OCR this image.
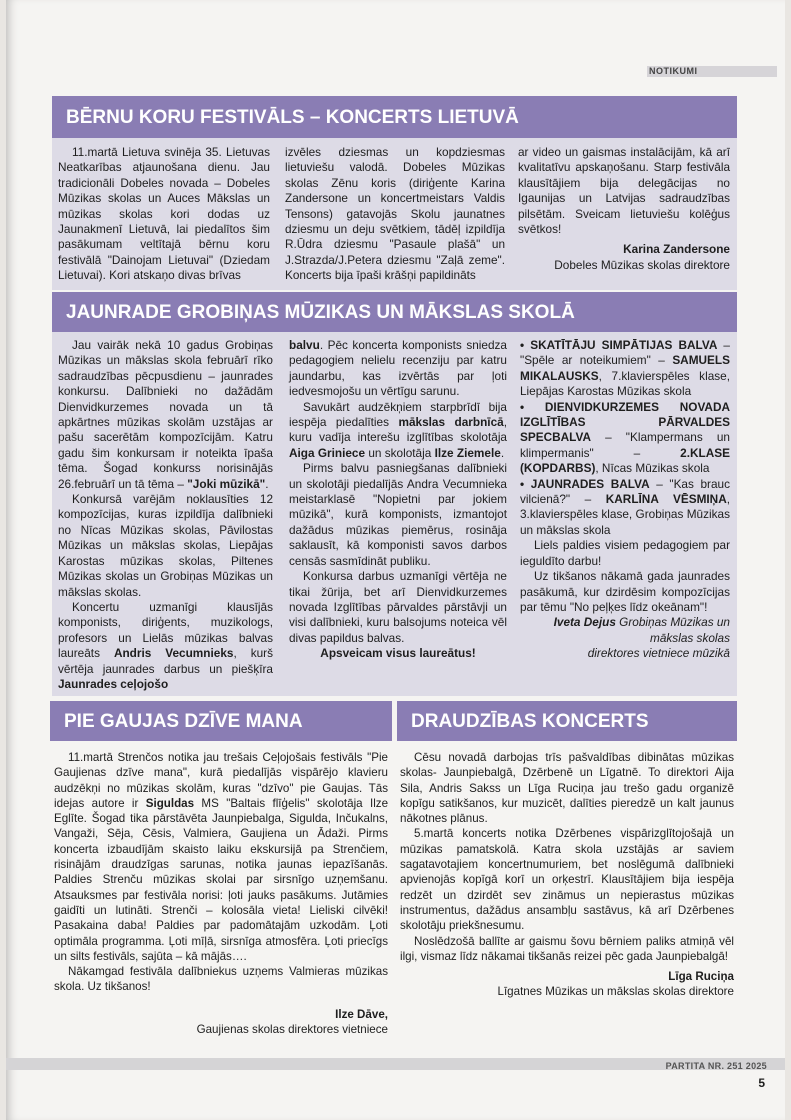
NOTIKUMI
BĒRNU KORU FESTIVĀLS – KONCERTS LIETUVĀ

11.martā Lietuva svinēja 35. Lietuvas Neatkarības atjaunošana dienu. Jau tradicionāli Dobeles novada – Dobeles Mūzikas skolas un Auces Mākslas un mūzikas skolas kori dodas uz Jaunakmenī Lietuvā, lai piedalītos šim pasākumam veltītajā bērnu koru festivālā "Dainojam Lietuvai" (Dziedam Lietuvai). Kori atskaņo divas brīvas

izvēles dziesmas un kopdziesmas lietuviešu valodā. Dobeles Mūzikas skolas Zēnu koris (diriģente Karina Zandersone un koncertmeistars Valdis Tensons) gatavojās Skolu jaunatnes dziesmu un deju svētkiem, tādēļ izpildīja R.Ūdra dziesmu "Pasaule plašā" un J.Strazda/J.Petera dziesmu "Zaļā zeme". Koncerts bija īpaši krāšņi papildināts

ar video un gaismas instalācijām, kā arī kvalitatīvu apskaņošanu. Starp festivāla klausītājiem bija delegācijas no Igaunijas un Latvijas sadraudzības pilsētām. Sveicam lietuviešu kolēģus svētkos!

Karina Zandersone
Dobeles Mūzikas skolas direktore
JAUNRADE GROBIŅAS MŪZIKAS UN MĀKSLAS SKOLĀ

Jau vairāk nekā 10 gadus Grobiņas Mūzikas un mākslas skola februārī rīko sadraudzības pēcpusdienu – jaunrades konkursu. Dalībnieki no dažādām Dienvidkurzemes novada un tā apkārtnes mūzikas skolām uzstājas ar pašu sacerētām kompozīcijām. Katru gadu šim konkursam ir noteikta īpaša tēma. Šogad konkurss norisinājās 26.februārī un tā tēma – "Joki mūzikā".

Konkursā varējām noklausīties 12 kompozīcijas, kuras izpildīja dalībnieki no Nīcas Mūzikas skolas, Pāvilostas Mūzikas un mākslas skolas, Liepājas Karostas mūzikas skolas, Piltenes Mūzikas skolas un Grobiņas Mūzikas un mākslas skolas.

Koncertu uzmanīgi klausījās komponists, diriģents, muzikologs, profesors un Lielās mūzikas balvas laureāts Andris Vecumnieks, kurš vērtēja jaunrades darbus un piešķīra Jaunrades ceļojošo

balvu. Pēc koncerta komponists sniedza pedagogiem nelielu recenziju par katru jaundarbu, kas izvērtās par ļoti iedvesmojošu un vērtīgu sarunu.

Savukārt audzēkņiem starpbrīdī bija iespēja piedalīties mākslas darbnīcā, kuru vadīja interešu izglītības skolotāja Aiga Griniece un skolotāja Ilze Ziemele.

Pirms balvu pasniegšanas dalībnieki un skolotāji piedalījās Andra Vecumnieka meistarklasē "Nopietni par jokiem mūzikā", kurā komponists, izmantojot dažādus mūzikas piemērus, rosināja saklausīt, kā komponisti savos darbos censās sasmīdināt publiku.

Konkursa darbus uzmanīgi vērtēja ne tikai žūrija, bet arī Dienvidkurzemes novada Izglītības pārvaldes pārstāvji un visi dalībnieki, kuru balsojums noteica vēl divas papildus balvas.

Apsveicam visus laureātus!

• SKATĪTĀJU SIMPĀTIJAS BALVA – "Spēle ar noteikumiem" – SAMUELS MIKALAUSKS, 7.klavierspēles klase, Liepājas Karostas Mūzikas skola

• DIENVIDKURZEMES NOVADA IZGLĪTĪBAS PĀRVALDES SPECBALVA – "Klampermans un klimpermanis" – 2.KLASE (KOPDARBS), Nīcas Mūzikas skola

• JAUNRADES BALVA – "Kas brauc vilcienā?" – KARLĪNA VĒSMIŅA, 3.klavierspēles klase, Grobiņas Mūzikas un mākslas skola

Liels paldies visiem pedagogiem par ieguldīto darbu!

Uz tikšanos nākamā gada jaunrades pasākumā, kur dzirdēsim kompozīcijas par tēmu "No peļķes līdz okeānam"!

Iveta Dejus Grobiņas Mūzikas un mākslas skolas
direktores vietniece mūzikā

PIE GAUJAS DZĪVE MANA

11.martā Strenčos notika jau trešais Ceļojošais festivāls "Pie Gaujienas dzīve mana", kurā piedalījās vispārējo klavieru audzēkņi no mūzikas skolām, kuras "dzīvo" pie Gaujas. Tās idejas autore ir Siguldas MS "Baltais flīģelis" skolotāja Ilze Eglīte. Šogad tika pārstāvēta Jaunpiebalga, Sigulda, Inčukalns, Vangaži, Sēja, Cēsis, Valmiera, Gaujiena un Ādaži. Pirms koncerta izbaudījām skaisto laiku ekskursijā pa Strenčiem, risinājām draudzīgas sarunas, notika jaunas iepazīšanās. Paldies Strenču mūzikas skolai par sirsnīgo uzņemšanu. Atsauksmes par festivāla norisi: ļoti jauks pasākums. Jutāmies gaidīti un lutināti. Strenči – kolosāla vieta! Lieliski cilvēki! Pasakaina daba! Paldies par padomātajām uzkodām. Ļoti optimāla programma. Ļoti mīļā, sirsnīga atmosfēra. Ļoti priecīgs un silts festivāls, sajūta – kā mājās….

Nākamgad festivāla dalībniekus uzņems Valmieras mūzikas skola. Uz tikšanos!

Ilze Dāve,
Gaujienas skolas direktores vietniece
DRAUDZĪBAS KONCERTS

Cēsu novadā darbojas trīs pašvaldības dibinātas mūzikas skolas- Jaunpiebalgā, Dzērbenē un Līgatnē. To direktori Aija Sila, Andris Sakss un Līga Ruciņa jau trešo gadu organizē kopīgu satikšanos, kur muzicēt, dalīties pieredzē un kalt jaunus nākotnes plānus.

5.martā koncerts notika Dzērbenes vispārizglītojošajā un mūzikas pamatskolā. Katra skola uzstājās ar saviem sagatavotajiem koncertnumuriem, bet noslēgumā dalībnieki apvienojās kopīgā korī un orķestrī. Klausītājiem bija iespēja redzēt un dzirdēt sev zināmus un nepierastus mūzikas instrumentus, dažādus ansambļu sastāvus, kā arī Dzērbenes skolotāju priekšnesumu.

Noslēdzošā ballīte ar gaismu šovu bērniem paliks atmiņā vēl ilgi, vismaz līdz nākamai tikšanās reizei pēc gada Jaunpiebalgā!

Līga Ruciņa
Līgatnes Mūzikas un mākslas skolas direktore
PARTITA NR. 251 2025
5
